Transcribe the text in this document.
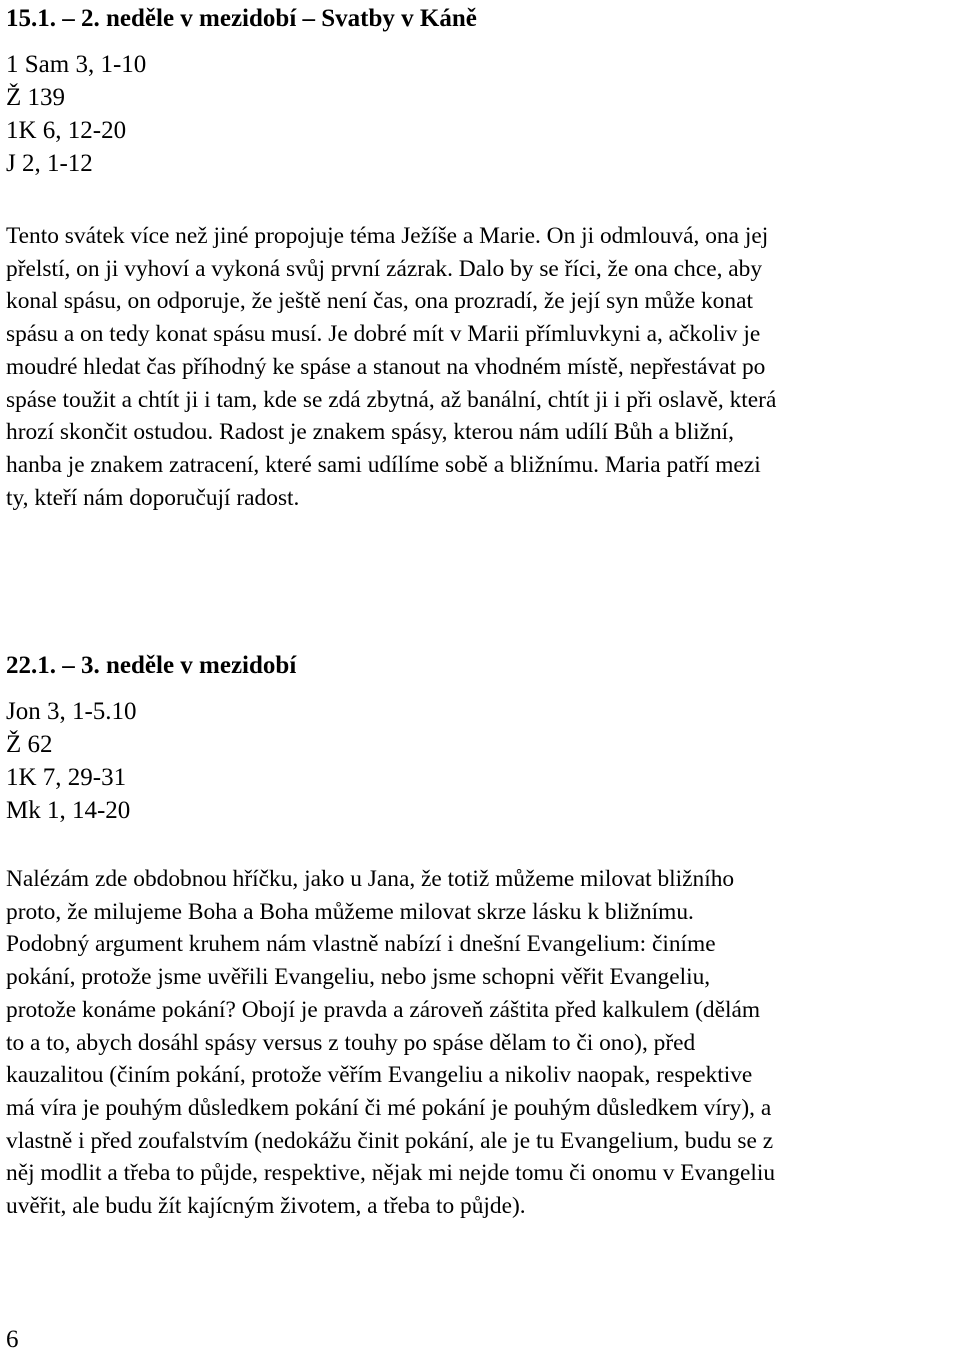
15.1. – 2. neděle v mezidobí – Svatby v Káně
1 Sam 3, 1-10
Ž 139
1K 6, 12-20
J 2, 1-12
Tento svátek více než jiné propojuje téma Ježíše a Marie. On ji odmlouvá, ona jej
přelstí, on ji vyhoví a vykoná svůj první zázrak. Dalo by se říci, že ona chce, aby
konal spásu, on odporuje, že ještě není čas, ona prozradí, že její syn může konat
spásu a on tedy konat spásu musí. Je dobré mít v Marii přímluvkyni a, ačkoliv je
moudré hledat čas příhodný ke spáse a stanout na vhodném místě, nepřestávat po
spáse toužit a chtít ji i tam, kde se zdá zbytná, až banální, chtít ji i při oslavě, která
hrozí skončit ostudou. Radost je znakem spásy, kterou nám udílí Bůh a bližní,
hanba je znakem zatracení, které sami udílíme sobě a bližnímu. Maria patří mezi
ty, kteří nám doporučují radost.
22.1. – 3. neděle v mezidobí
Jon 3, 1-5.10
Ž 62
1K 7, 29-31
Mk 1, 14-20
Nalézám zde obdobnou hříčku, jako u Jana, že totiž můžeme milovat bližního
proto, že milujeme Boha a Boha můžeme milovat skrze lásku k bližnímu.
Podobný argument kruhem nám vlastně nabízí i dnešní Evangelium: činíme
pokání, protože jsme uvěřili Evangeliu, nebo jsme schopni věřit Evangeliu,
protože konáme pokání? Obojí je pravda a zároveň záštita před kalkulem (dělám
to a to, abych dosáhl spásy versus z touhy po spáse dělam to či ono), před
kauzalitou (činím pokání, protože věřím Evangeliu a nikoliv naopak, respektive
má víra je pouhým důsledkem pokání či mé pokání je pouhým důsledkem víry), a
vlastně i před zoufalstvím (nedokážu činit pokání, ale je tu Evangelium, budu se z
něj modlit a třeba to půjde, respektive, nějak mi nejde tomu či onomu v Evangeliu
uvěřit, ale budu žít kajícným životem, a třeba to půjde).
6
